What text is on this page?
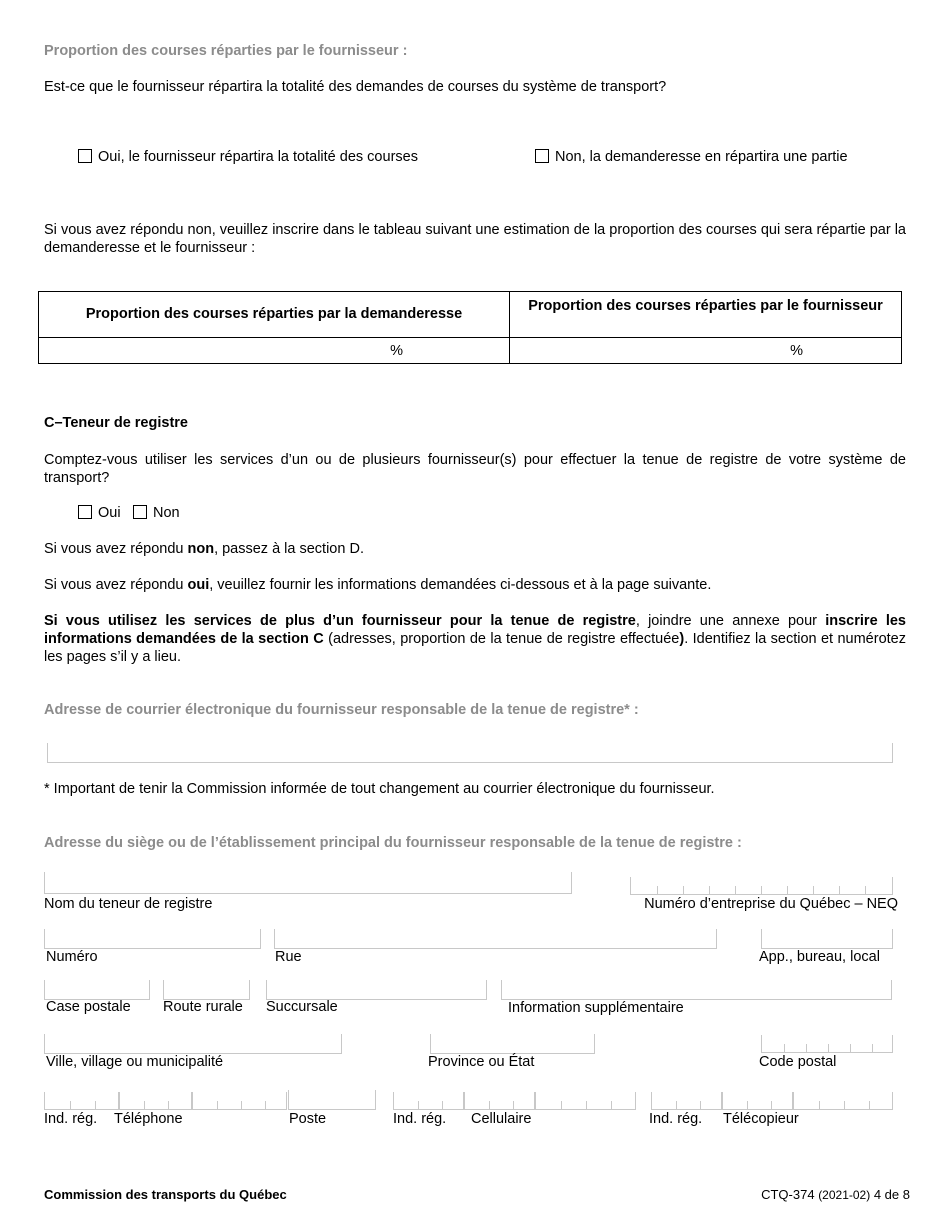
Proportion des courses réparties par le fournisseur :
Est-ce que le fournisseur répartira la totalité des demandes de courses du système de transport?
Oui, le fournisseur répartira la totalité des courses	Non, la demanderesse en répartira une partie

Si vous avez répondu non, veuillez inscrire dans le tableau suivant une estimation de la proportion des courses qui sera répartie par la demanderesse et le fournisseur :

Proportion des courses réparties par la demanderesse	Proportion des courses réparties par le fournisseur

%	%
C–Teneur de registre

Comptez-vous utiliser les services d’un ou de plusieurs fournisseur(s) pour effectuer la tenue de registre de votre système de transport?

Oui	Non
Si vous avez répondu non, passez à la section D.
Si vous avez répondu oui, veuillez fournir les informations demandées ci-dessous et à la page suivante.

Si vous utilisez les services de plus d’un fournisseur pour la tenue de registre, joindre une annexe pour inscrire les informations demandées de la section C (adresses, proportion de la tenue de registre effectuée). Identifiez la section et numérotez les pages s’il y a lieu.

Adresse de courrier électronique du fournisseur responsable de la tenue de registre* :
* Important de tenir la Commission informée de tout changement au courrier électronique du fournisseur.
Adresse du siège ou de l’établissement principal du fournisseur responsable de la tenue de registre :
Nom du teneur de registre	Numéro d’entreprise du Québec – NEQ
Numéro	Rue	App., bureau, local
Case postale Route rurale Succursale	Information supplémentaire
Ville, village ou municipalité	Province ou État	Code postal
Ind. rég. Téléphone	Poste	Ind. rég. Cellulaire	Ind. rég. Télécopieur
Commission des transports du Québec	CTQ-374 (2021-02) 4 de 8
